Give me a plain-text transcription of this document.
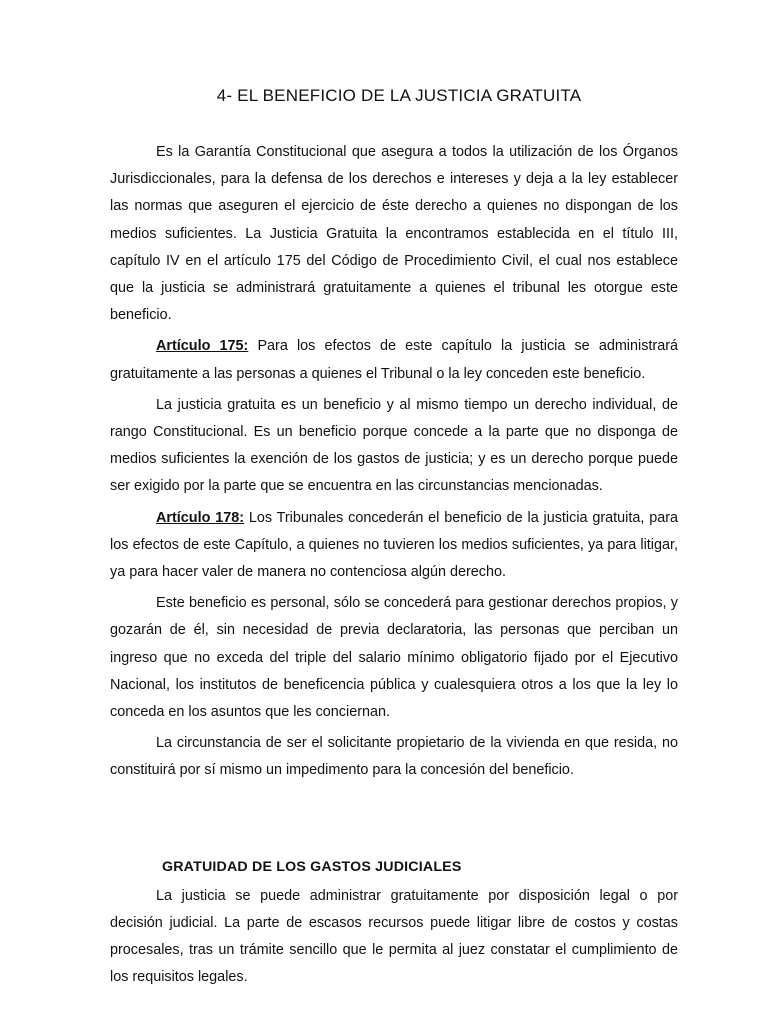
4- EL BENEFICIO DE LA JUSTICIA GRATUITA

Es la Garantía Constitucional que asegura a todos la utilización de los Órganos Jurisdiccionales, para la defensa de los derechos e intereses y deja a la ley establecer las normas que aseguren el ejercicio de éste derecho a quienes no dispongan de los medios suficientes. La Justicia Gratuita la encontramos establecida en el título III, capítulo IV en el artículo 175 del Código de Procedimiento Civil, el cual nos establece que la justicia se administrará gratuitamente a quienes el tribunal les otorgue este beneficio.

Artículo 175: Para los efectos de este capítulo la justicia se administrará gratuitamente a las personas a quienes el Tribunal o la ley conceden este beneficio.

La justicia gratuita es un beneficio y al mismo tiempo un derecho individual, de rango Constitucional. Es un beneficio porque concede a la parte que no disponga de medios suficientes la exención de los gastos de justicia; y es un derecho porque puede ser exigido por la parte que se encuentra en las circunstancias mencionadas.

Artículo 178: Los Tribunales concederán el beneficio de la justicia gratuita, para los efectos de este Capítulo, a quienes no tuvieren los medios suficientes, ya para litigar, ya para hacer valer de manera no contenciosa algún derecho.

Este beneficio es personal, sólo se concederá para gestionar derechos propios, y gozarán de él, sin necesidad de previa declaratoria, las personas que perciban un ingreso que no exceda del triple del salario mínimo obligatorio fijado por el Ejecutivo Nacional, los institutos de beneficencia pública y cualesquiera otros a los que la ley lo conceda en los asuntos que les conciernan.

La circunstancia de ser el solicitante propietario de la vivienda en que resida, no constituirá por sí mismo un impedimento para la concesión del beneficio.

GRATUIDAD DE LOS GASTOS JUDICIALES

La justicia se puede administrar gratuitamente por disposición legal o por decisión judicial. La parte de escasos recursos puede litigar libre de costos y costas procesales, tras un trámite sencillo que le permita al juez constatar el cumplimiento de los requisitos legales.
